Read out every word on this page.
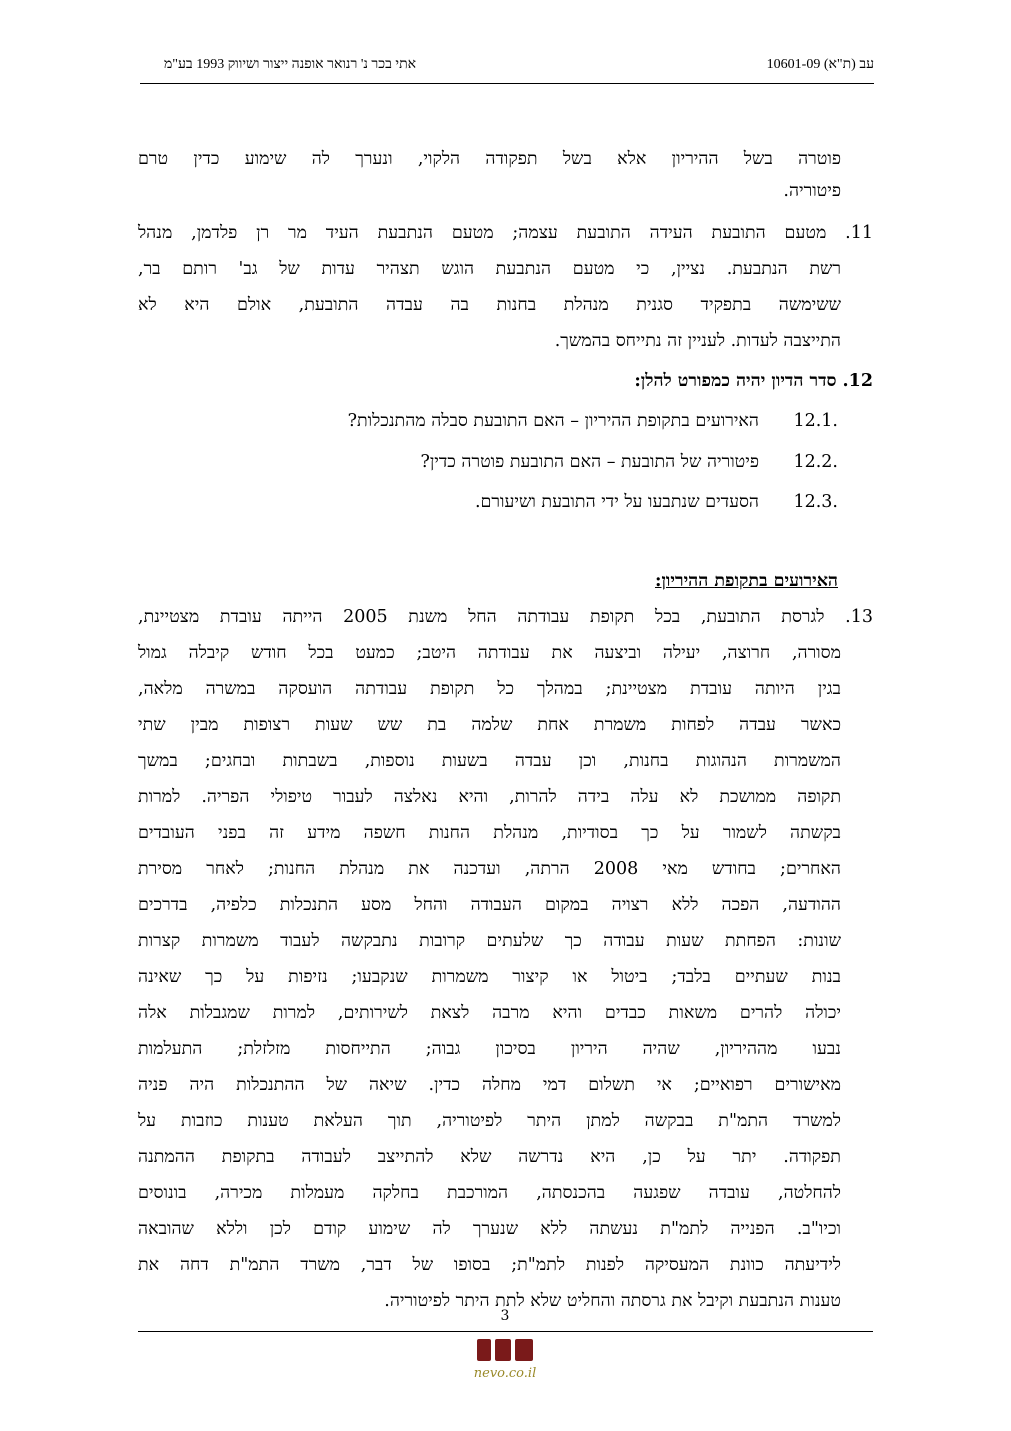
עב (ת"א) 10601-09
אתי בכר נ' רנואר אופנה ייצור ושיווק 1993 בע"מ
פוטרה בשל ההיריון אלא בשל תפקודה הלקוי, ונערך לה שימוע כדין טרם
פיטוריה.
11. מטעם התובעת העידה התובעת עצמה; מטעם הנתבעת העיד מר רן פלדמן, מנהל
רשת הנתבעת. נציין, כי מטעם הנתבעת הוגש תצהיר עדות של גב' רותם בר,
ששימשה בתפקיד סגנית מנהלת בחנות בה עבדה התובעת, אולם היא לא
התייצבה לעדות. לעניין זה נתייחס בהמשך.
12. סדר הדיון יהיה כמפורט להלן:
12.1.
האירועים בתקופת ההיריון – האם התובעת סבלה מהתנכלות?
12.2.
פיטוריה של התובעת – האם התובעת פוטרה כדין?
12.3.
הסעדים שנתבעו על ידי התובעת ושיעורם.
האירועים בתקופת ההיריון:
13. לגרסת התובעת, בכל תקופת עבודתה החל משנת 2005 הייתה עובדת מצטיינת,
מסורה, חרוצה, יעילה וביצעה את עבודתה היטב; כמעט בכל חודש קיבלה גמול
בגין היותה עובדת מצטיינת; במהלך כל תקופת עבודתה הועסקה במשרה מלאה,
כאשר עבדה לפחות משמרת אחת שלמה בת שש שעות רצופות מבין שתי
המשמרות הנהוגות בחנות, וכן עבדה בשעות נוספות, בשבתות ובחגים; במשך
תקופה ממושכת לא עלה בידה להרות, והיא נאלצה לעבור טיפולי הפריה. למרות
בקשתה לשמור על כך בסודיות, מנהלת החנות חשפה מידע זה בפני העובדים
האחרים; בחודש מאי 2008 הרתה, ועדכנה את מנהלת החנות; לאחר מסירת
ההודעה, הפכה ללא רצויה במקום העבודה והחל מסע התנכלות כלפיה, בדרכים
שונות: הפחתת שעות עבודה כך שלעתים קרובות נתבקשה לעבוד משמרות קצרות
בנות שעתיים בלבד; ביטול או קיצור משמרות שנקבעו; נזיפות על כך שאינה
יכולה להרים משאות כבדים והיא מרבה לצאת לשירותים, למרות שמגבלות אלה
נבעו מההיריון, שהיה היריון בסיכון גבוה; התייחסות מזלזלת; התעלמות
מאישורים רפואיים; אי תשלום דמי מחלה כדין. שיאה של ההתנכלות היה פניה
למשרד התמ"ת בבקשה למתן היתר לפיטוריה, תוך העלאת טענות כוזבות על
תפקודה. יתר על כן, היא נדרשה שלא להתייצב לעבודה בתקופת ההמתנה
להחלטה, עובדה שפגעה בהכנסתה, המורכבת בחלקה מעמלות מכירה, בונוסים
וכיו"ב. הפנייה לתמ"ת נעשתה ללא שנערך לה שימוע קודם לכן וללא שהובאה
לידיעתה כוונת המעסיקה לפנות לתמ"ת; בסופו של דבר, משרד התמ"ת דחה את
טענות הנתבעת וקיבל את גרסתה והחליט שלא לתת היתר לפיטוריה.
3
nevo.co.il
